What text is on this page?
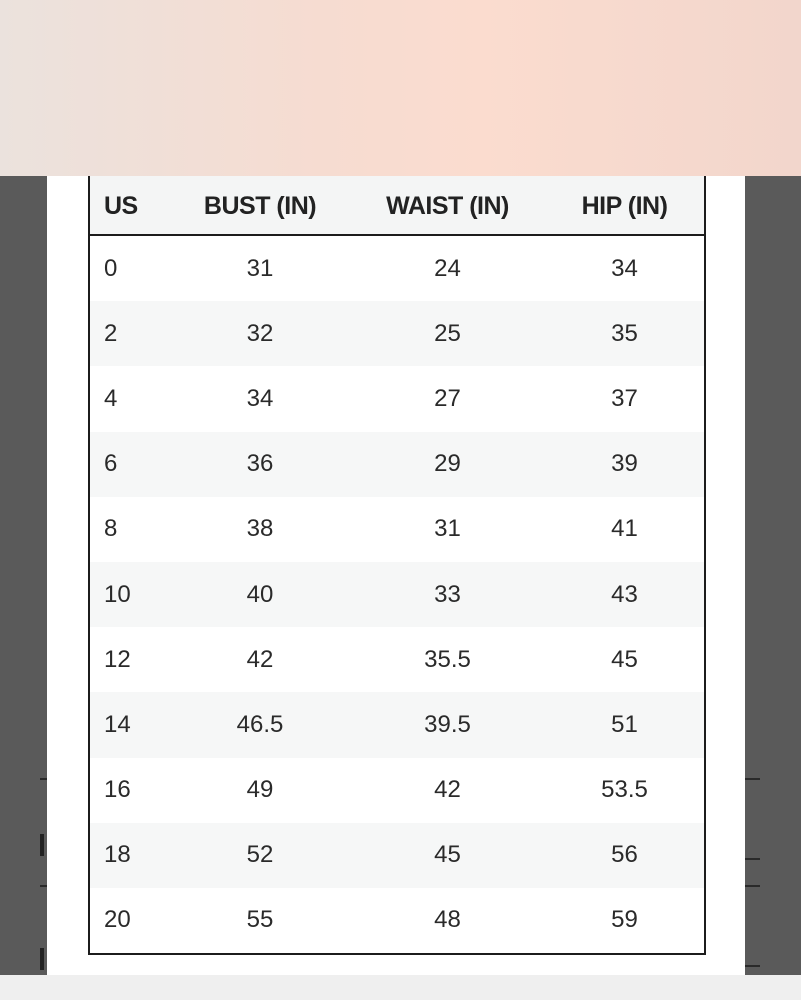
US	BUST (IN)	WAIST (IN)	HIP (IN)
0	31	24	34
2	32	25	35
4	34	27	37
6	36	29	39
8	38	31	41
10	40	33	43
12	42	35.5	45
14	46.5	39.5	51
16	49	42	53.5
18	52	45	56
20	55	48	59
